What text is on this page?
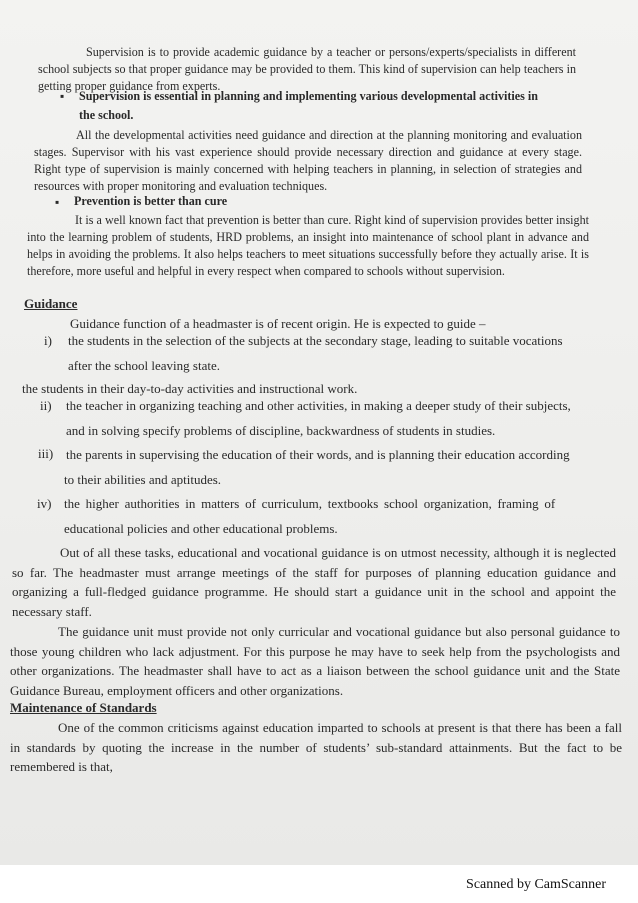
Supervision is to provide academic guidance by a teacher or persons/experts/specialists in different school subjects so that proper guidance may be provided to them. This kind of supervision can help teachers in getting proper guidance from experts.

▪ Supervision is essential in planning and implementing various developmental activities in

the school.

All the developmental activities need guidance and direction at the planning monitoring and evaluation stages. Supervisor with his vast experience should provide necessary direction and guidance at every stage. Right type of supervision is mainly concerned with helping teachers in planning, in selection of strategies and resources with proper monitoring and evaluation techniques.

▪ Prevention is better than cure

It is a well known fact that prevention is better than cure. Right kind of supervision provides better insight into the learning problem of students, HRD problems, an insight into maintenance of school plant in advance and helps in avoiding the problems. It also helps teachers to meet situations successfully before they actually arise. It is therefore, more useful and helpful in every respect when compared to schools without supervision.

Guidance

Guidance function of a headmaster is of recent origin. He is expected to guide –

i) the students in the selection of the subjects at the secondary stage, leading to suitable vocations

after the school leaving state.

the students in their day-to-day activities and instructional work.

ii) the teacher in organizing teaching and other activities, in making a deeper study of their subjects,

and in solving specify problems of discipline, backwardness of students in studies.

iii) the parents in supervising the education of their words, and is planning their education according

to their abilities and aptitudes.

iv) the higher authorities in matters of curriculum, textbooks school organization, framing of

educational policies and other educational problems.

Out of all these tasks, educational and vocational guidance is on utmost necessity, although it is neglected so far. The headmaster must arrange meetings of the staff for purposes of planning education guidance and organizing a full-fledged guidance programme. He should start a guidance unit in the school and appoint the necessary staff.

The guidance unit must provide not only curricular and vocational guidance but also personal guidance to those young children who lack adjustment. For this purpose he may have to seek help from the psychologists and other organizations. The headmaster shall have to act as a liaison between the school guidance unit and the State Guidance Bureau, employment officers and other organizations.

Maintenance of Standards

One of the common criticisms against education imparted to schools at present is that there has been a fall in standards by quoting the increase in the number of students’ sub-standard attainments. But the fact to be remembered is that,

Scanned by CamScanner
